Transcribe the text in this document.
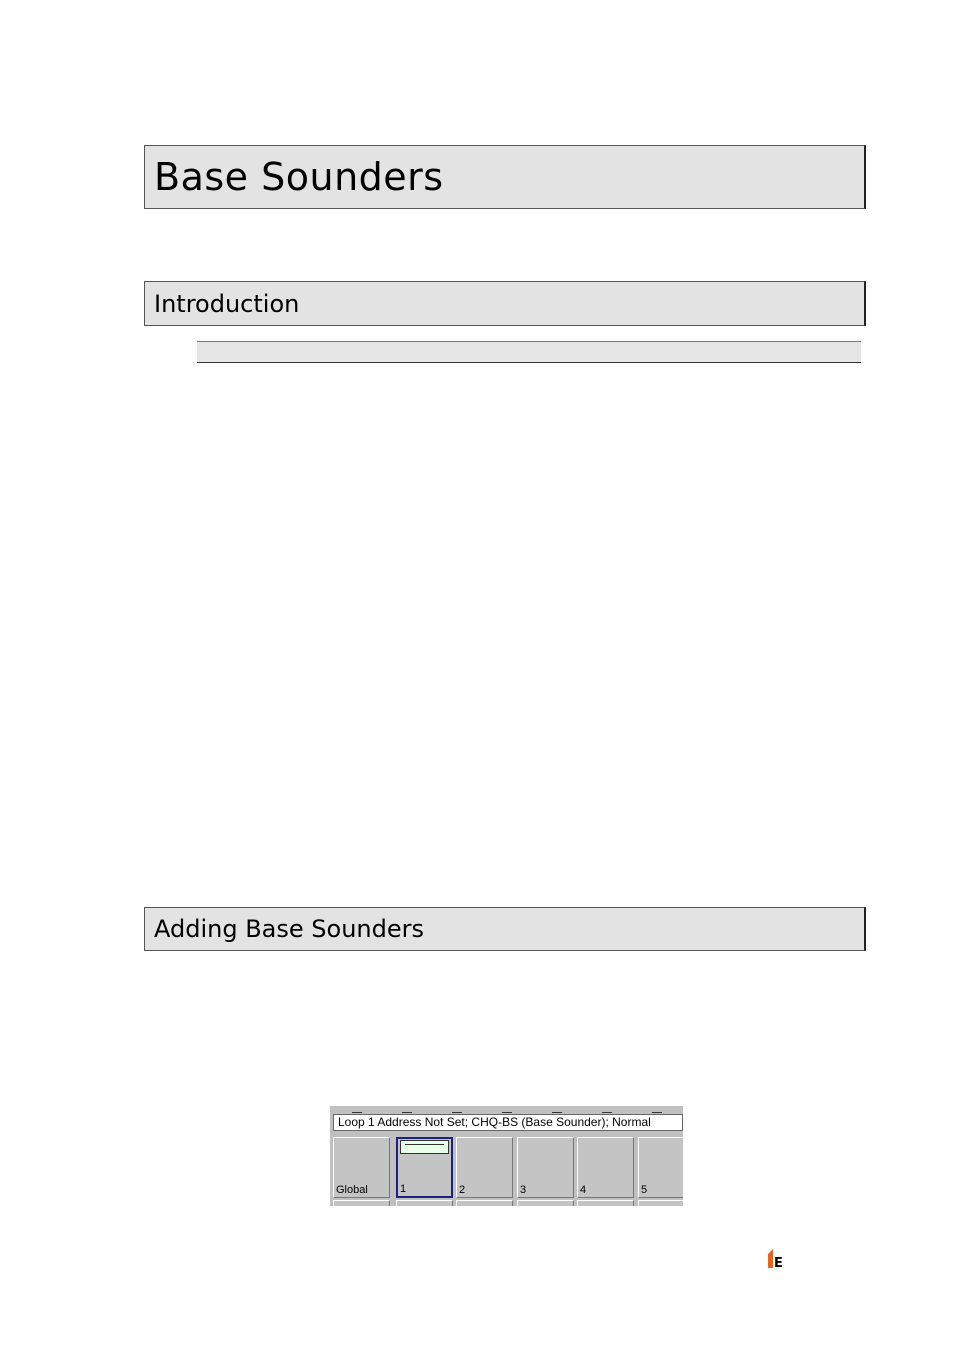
Base Sounders
Introduction
Adding Base Sounders
Loop 1 Address Not Set; CHQ-BS (Base Sounder); Normal
Global	1	2	3	4	5
E
